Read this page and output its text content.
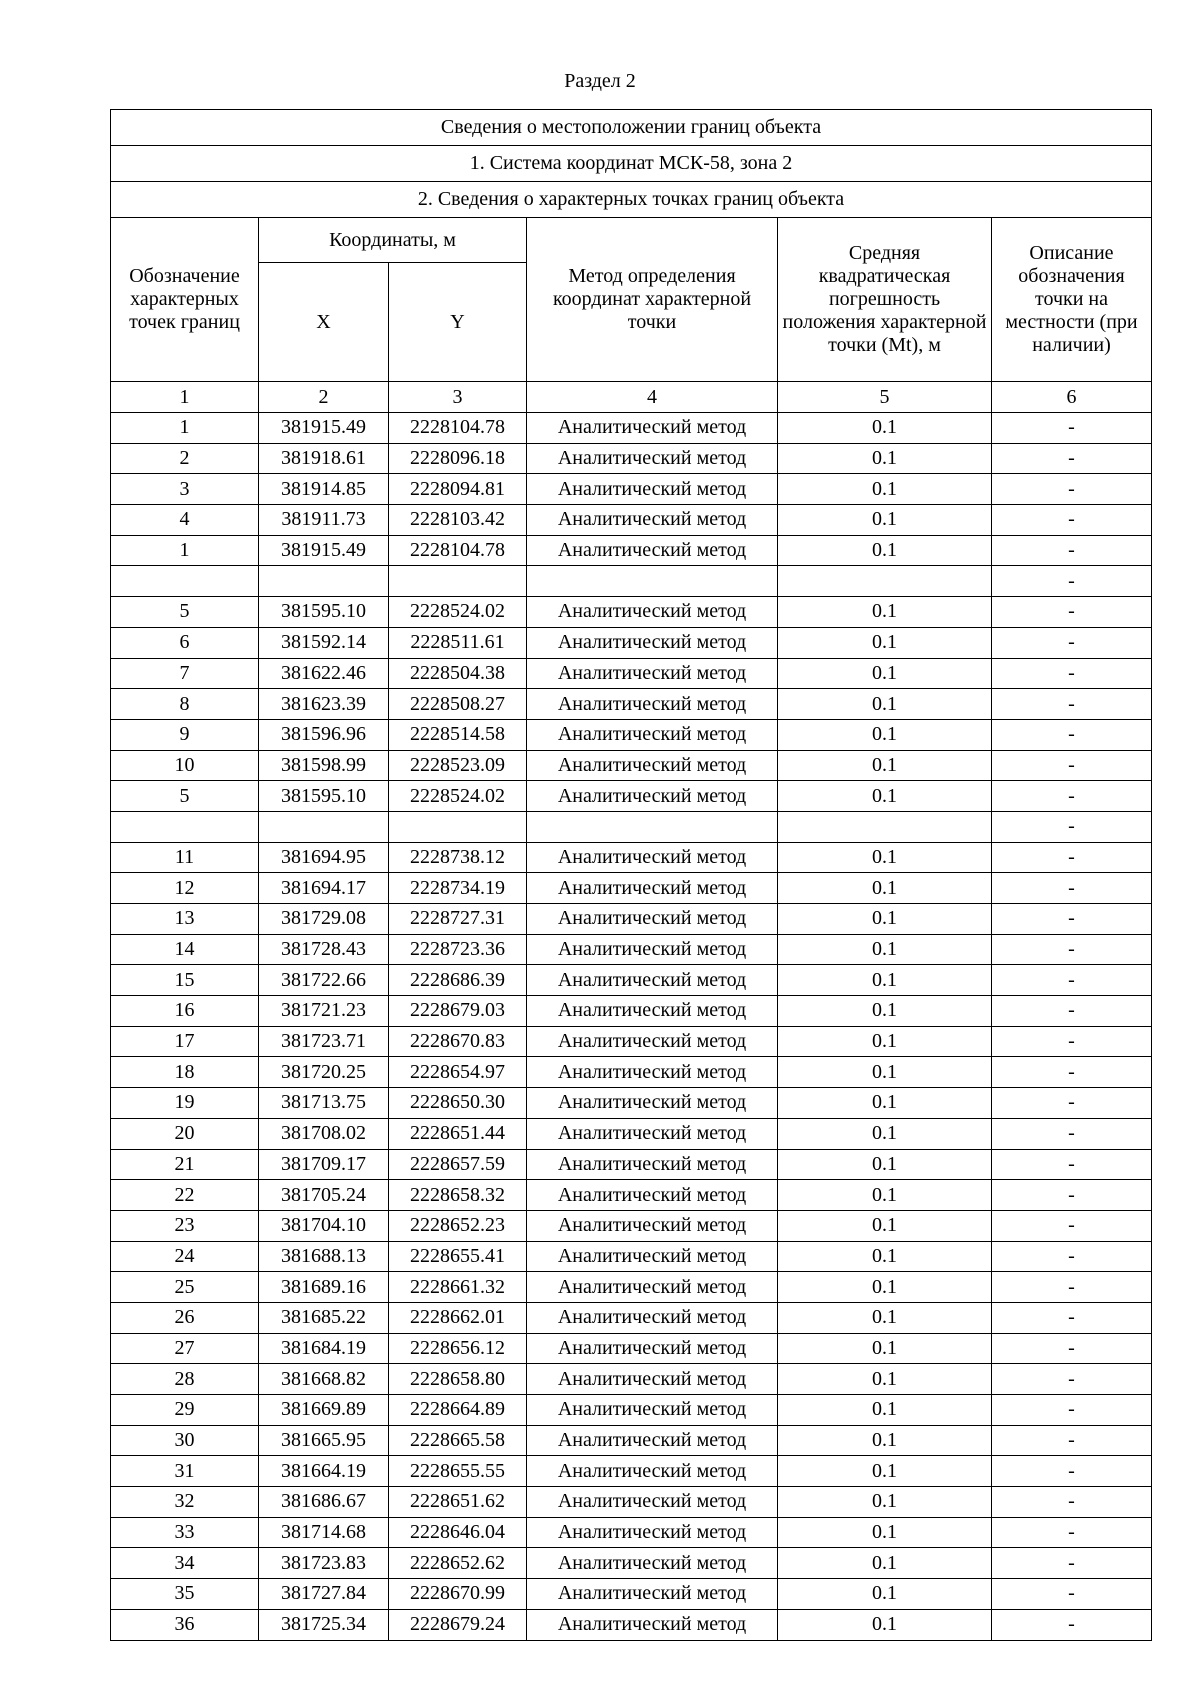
Раздел 2
Сведения о местоположении границ объекта					
1. Система координат МСК-58, зона 2					
2. Сведения о характерных точках границ объекта					

Обозначение характерных точек границ	Координаты, м		Метод определения координат характерной точки	Средняя квадратическая погрешность положения характерной точки (Mt), м	Описание обозначения точки на местности (при наличии)

	X	Y			
1	2	3	4	5	6
1	381915.49	2228104.78	Аналитический метод	0.1	-
2	381918.61	2228096.18	Аналитический метод	0.1	-
3	381914.85	2228094.81	Аналитический метод	0.1	-
4	381911.73	2228103.42	Аналитический метод	0.1	-
1	381915.49	2228104.78	Аналитический метод	0.1	-
					-
5	381595.10	2228524.02	Аналитический метод	0.1	-
6	381592.14	2228511.61	Аналитический метод	0.1	-
7	381622.46	2228504.38	Аналитический метод	0.1	-
8	381623.39	2228508.27	Аналитический метод	0.1	-
9	381596.96	2228514.58	Аналитический метод	0.1	-
10	381598.99	2228523.09	Аналитический метод	0.1	-
5	381595.10	2228524.02	Аналитический метод	0.1	-
					-
11	381694.95	2228738.12	Аналитический метод	0.1	-
12	381694.17	2228734.19	Аналитический метод	0.1	-
13	381729.08	2228727.31	Аналитический метод	0.1	-
14	381728.43	2228723.36	Аналитический метод	0.1	-
15	381722.66	2228686.39	Аналитический метод	0.1	-
16	381721.23	2228679.03	Аналитический метод	0.1	-
17	381723.71	2228670.83	Аналитический метод	0.1	-
18	381720.25	2228654.97	Аналитический метод	0.1	-
19	381713.75	2228650.30	Аналитический метод	0.1	-
20	381708.02	2228651.44	Аналитический метод	0.1	-
21	381709.17	2228657.59	Аналитический метод	0.1	-
22	381705.24	2228658.32	Аналитический метод	0.1	-
23	381704.10	2228652.23	Аналитический метод	0.1	-
24	381688.13	2228655.41	Аналитический метод	0.1	-
25	381689.16	2228661.32	Аналитический метод	0.1	-
26	381685.22	2228662.01	Аналитический метод	0.1	-
27	381684.19	2228656.12	Аналитический метод	0.1	-
28	381668.82	2228658.80	Аналитический метод	0.1	-
29	381669.89	2228664.89	Аналитический метод	0.1	-
30	381665.95	2228665.58	Аналитический метод	0.1	-
31	381664.19	2228655.55	Аналитический метод	0.1	-
32	381686.67	2228651.62	Аналитический метод	0.1	-
33	381714.68	2228646.04	Аналитический метод	0.1	-
34	381723.83	2228652.62	Аналитический метод	0.1	-
35	381727.84	2228670.99	Аналитический метод	0.1	-
36	381725.34	2228679.24	Аналитический метод	0.1	-
